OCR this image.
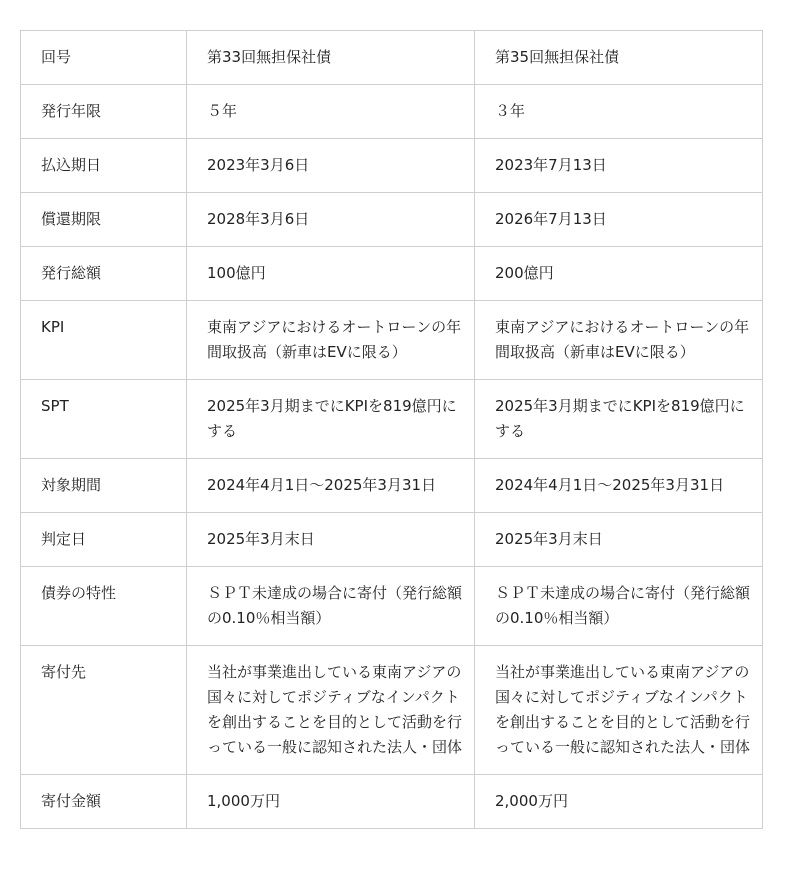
回号	第33回無担保社債	第35回無担保社債
発行年限	５年	３年
払込期日	2023年3月6日	2023年7月13日
償還期限	2028年3月6日	2026年7月13日
発行総額	100億円	200億円
KPI	東南アジアにおけるオートローンの年間取扱高（新車はEVに限る）	東南アジアにおけるオートローンの年間取扱高（新車はEVに限る）
SPT	2025年3月期までにKPIを819億円にする	2025年3月期までにKPIを819億円にする
対象期間	2024年4月1日～2025年3月31日	2024年4月1日～2025年3月31日
判定日	2025年3月末日	2025年3月末日
債券の特性	ＳＰＴ未達成の場合に寄付（発行総額の0.10％相当額）	ＳＰＴ未達成の場合に寄付（発行総額の0.10％相当額）
寄付先	当社が事業進出している東南アジアの国々に対してポジティブなインパクトを創出することを目的として活動を行っている一般に認知された法人・団体	当社が事業進出している東南アジアの国々に対してポジティブなインパクトを創出することを目的として活動を行っている一般に認知された法人・団体
寄付金額	1,000万円	2,000万円
